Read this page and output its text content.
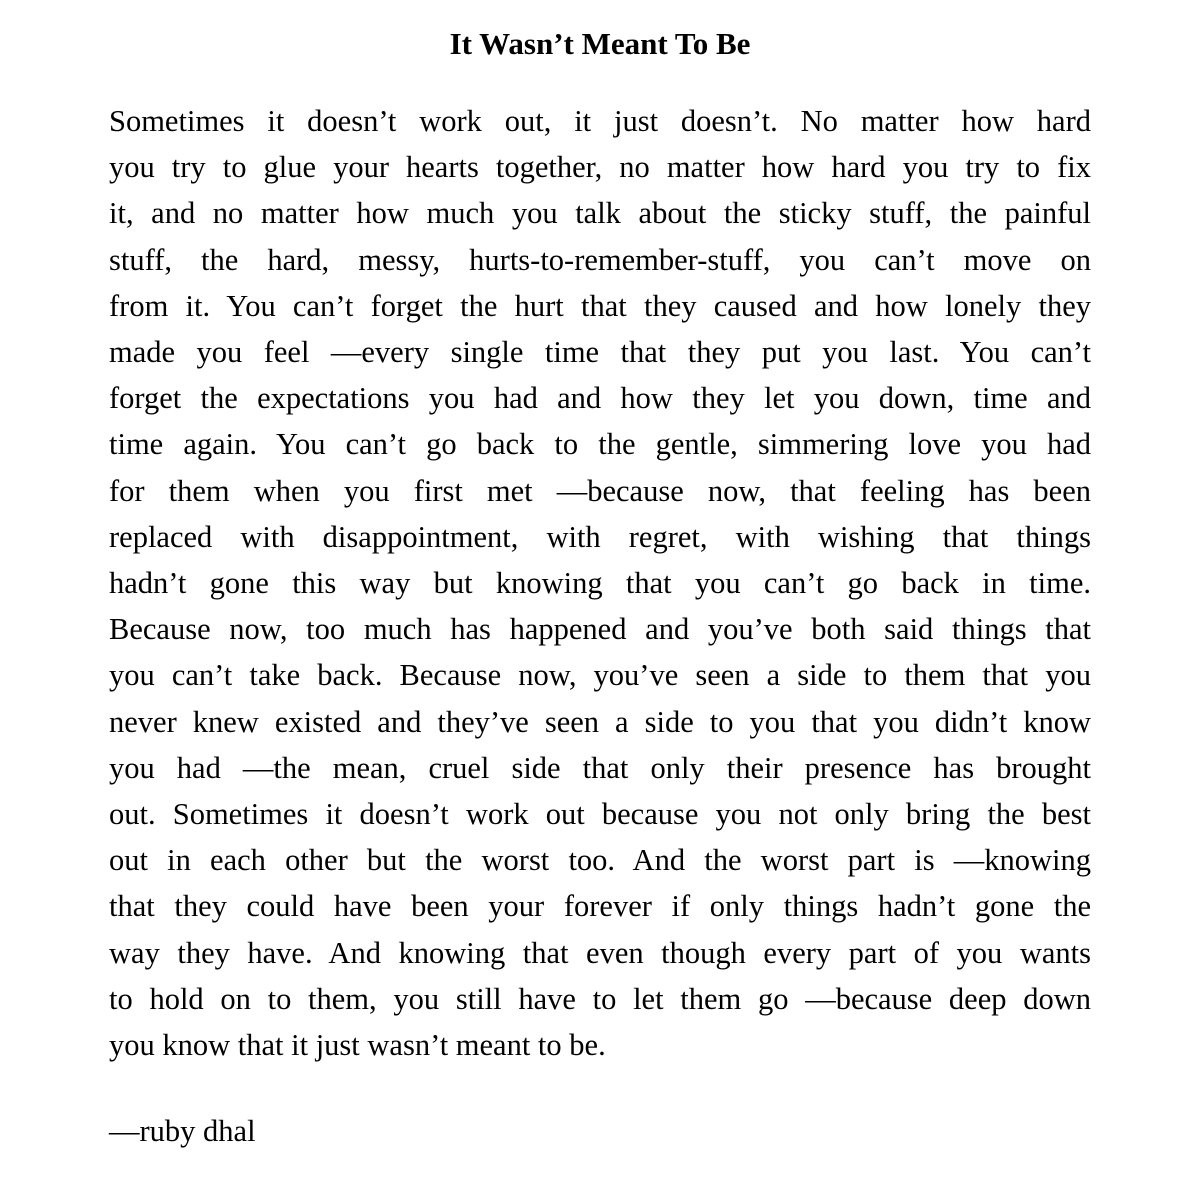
It Wasn’t Meant To Be
Sometimes it doesn’t work out, it just doesn’t. No matter how hard
you try to glue your hearts together, no matter how hard you try to fix
it, and no matter how much you talk about the sticky stuff, the painful
stuff, the hard, messy, hurts-to-remember-stuff, you can’t move on
from it. You can’t forget the hurt that they caused and how lonely they
made you feel —every single time that they put you last. You can’t
forget the expectations you had and how they let you down, time and
time again. You can’t go back to the gentle, simmering love you had
for them when you first met —because now, that feeling has been
replaced with disappointment, with regret, with wishing that things
hadn’t gone this way but knowing that you can’t go back in time.
Because now, too much has happened and you’ve both said things that
you can’t take back. Because now, you’ve seen a side to them that you
never knew existed and they’ve seen a side to you that you didn’t know
you had —the mean, cruel side that only their presence has brought
out. Sometimes it doesn’t work out because you not only bring the best
out in each other but the worst too. And the worst part is —knowing
that they could have been your forever if only things hadn’t gone the
way they have. And knowing that even though every part of you wants
to hold on to them, you still have to let them go —because deep down
you know that it just wasn’t meant to be.

—ruby dhal
